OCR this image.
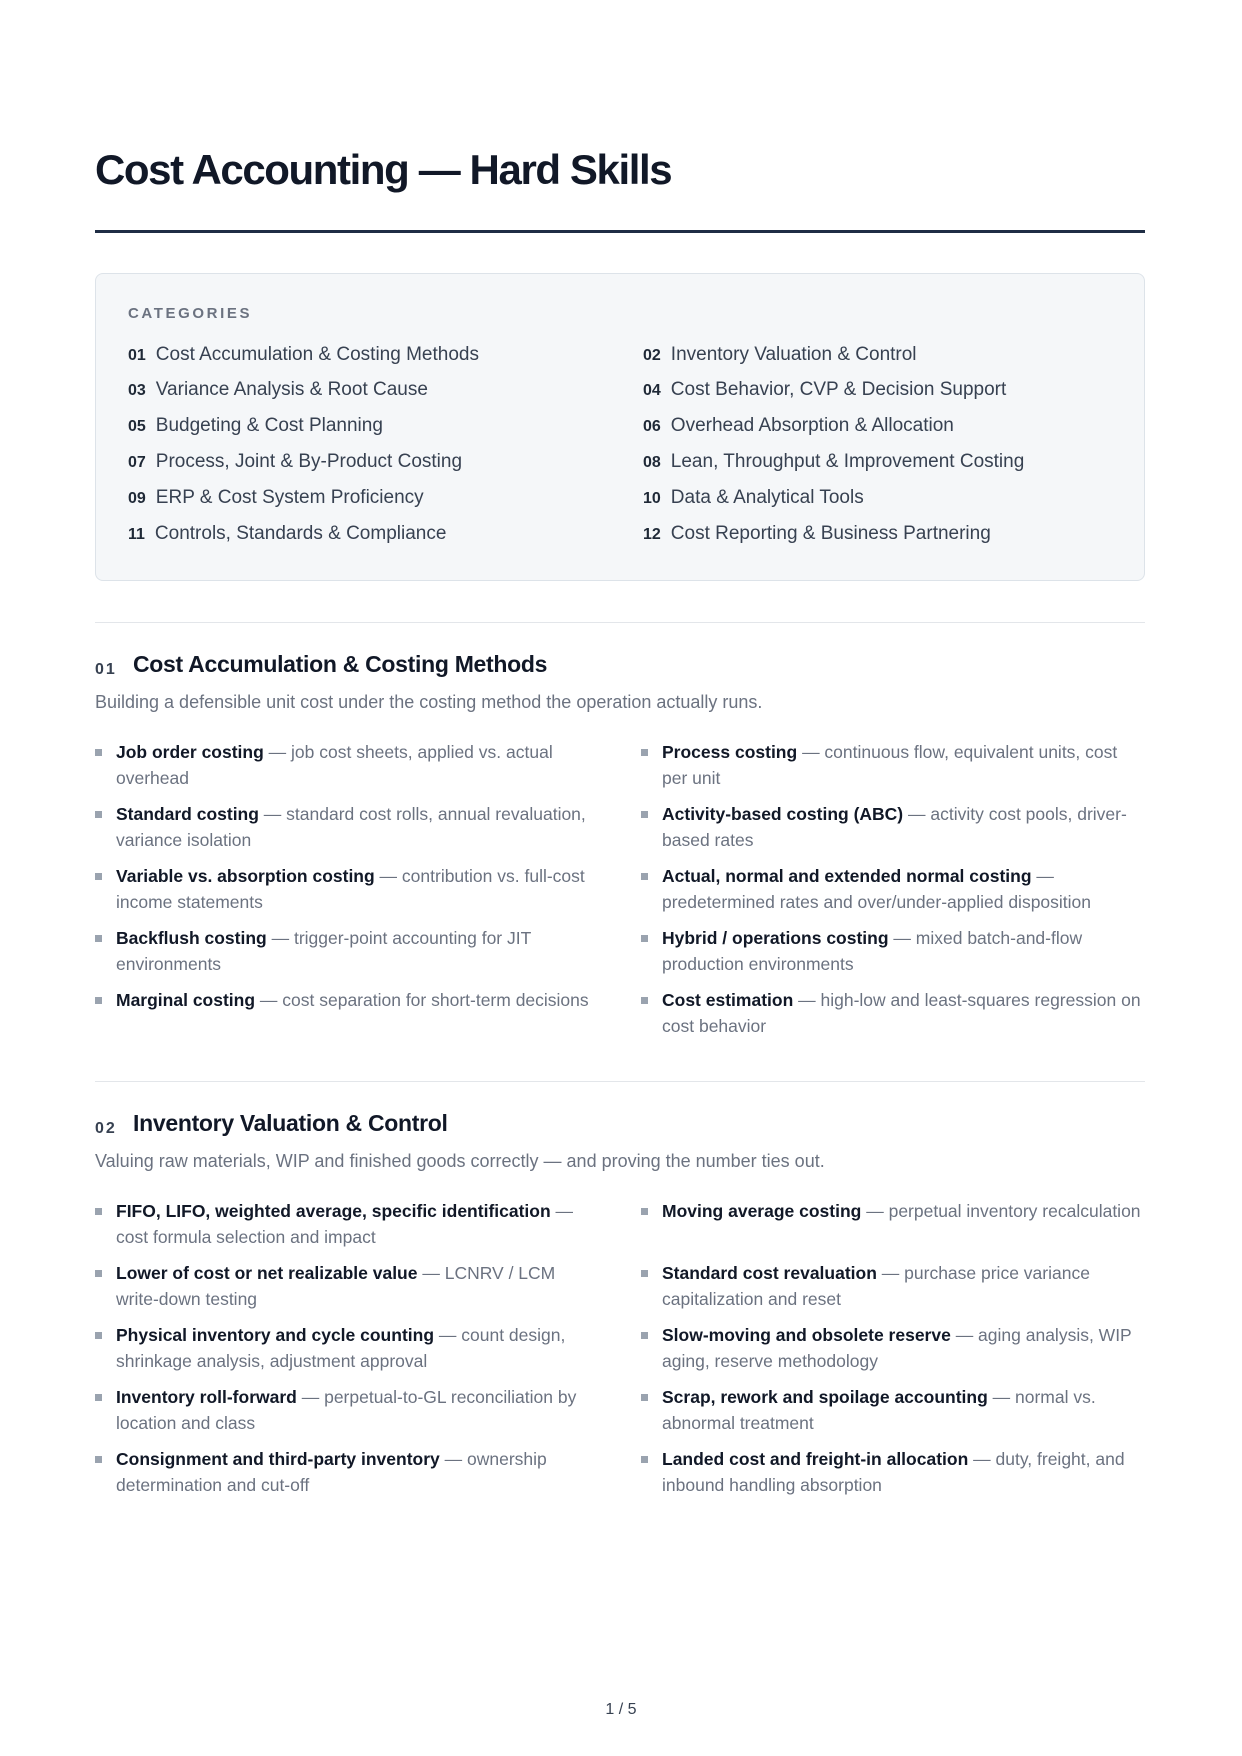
Cost Accounting — Hard Skills
CATEGORIES
01 Cost Accumulation & Costing Methods	02 Inventory Valuation & Control
03 Variance Analysis & Root Cause	04 Cost Behavior, CVP & Decision Support
05 Budgeting & Cost Planning	06 Overhead Absorption & Allocation
07 Process, Joint & By-Product Costing	08 Lean, Throughput & Improvement Costing
09 ERP & Cost System Proficiency	10 Data & Analytical Tools
11 Controls, Standards & Compliance	12 Cost Reporting & Business Partnering
01 Cost Accumulation & Costing Methods
Building a defensible unit cost under the costing method the operation actually runs.
Job order costing — job cost sheets, applied vs. actual overhead
Process costing — continuous flow, equivalent units, cost per unit
Standard costing — standard cost rolls, annual revaluation, variance isolation
Activity-based costing (ABC) — activity cost pools, driver-based rates
Variable vs. absorption costing — contribution vs. full-cost income statements
Actual, normal and extended normal costing — predetermined rates and over/under-applied disposition
Backflush costing — trigger-point accounting for JIT environments
Hybrid / operations costing — mixed batch-and-flow production environments
Marginal costing — cost separation for short-term decisions	Cost estimation — high-low and least-squares regression on cost behavior
02 Inventory Valuation & Control
Valuing raw materials, WIP and finished goods correctly — and proving the number ties out.
FIFO, LIFO, weighted average, specific identification — cost formula selection and impact
Moving average costing — perpetual inventory recalculation
Lower of cost or net realizable value — LCNRV / LCM write-down testing
Standard cost revaluation — purchase price variance capitalization and reset
Physical inventory and cycle counting — count design, shrinkage analysis, adjustment approval
Slow-moving and obsolete reserve — aging analysis, WIP aging, reserve methodology
Inventory roll-forward — perpetual-to-GL reconciliation by location and class
Scrap, rework and spoilage accounting — normal vs. abnormal treatment
Consignment and third-party inventory — ownership determination and cut-off
Landed cost and freight-in allocation — duty, freight, and inbound handling absorption
1 / 5
